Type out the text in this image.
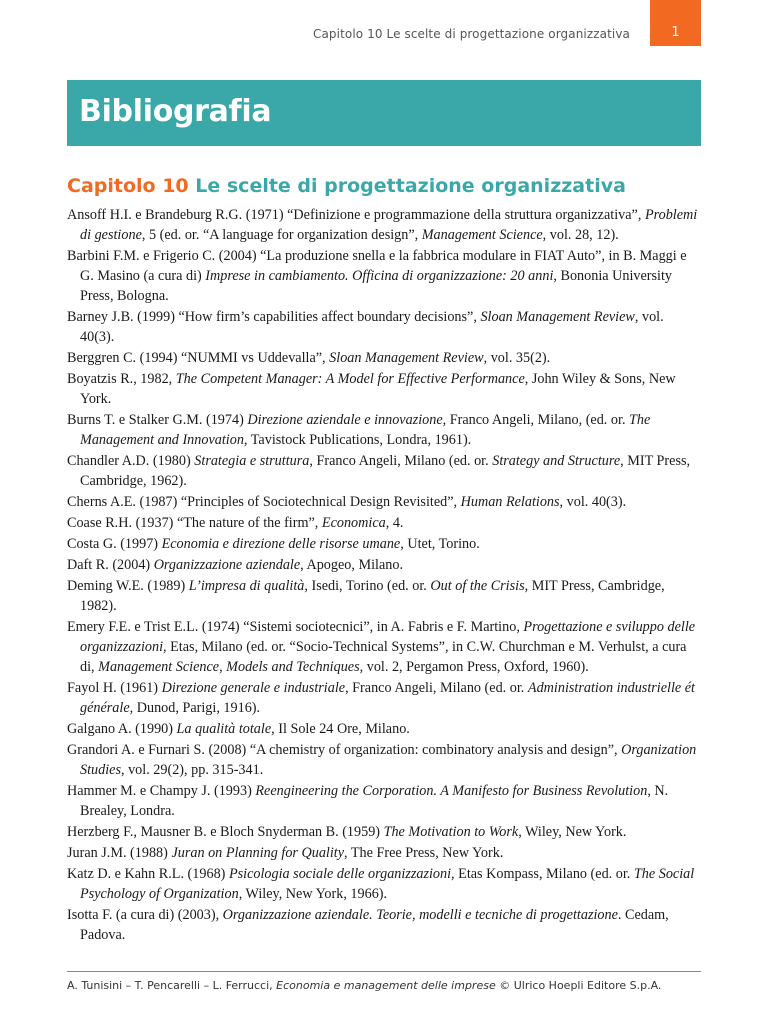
Capitolo 10 Le scelte di progettazione organizzativa	1
Bibliografia
Capitolo 10 Le scelte di progettazione organizzativa
Ansoff H.I. e Brandeburg R.G. (1971) “Definizione e programmazione della struttura organizzativa”, Problemi di gestione, 5 (ed. or. “A language for organization design”, Management Science, vol. 28, 12).
Barbini F.M. e Frigerio C. (2004) “La produzione snella e la fabbrica modulare in FIAT Auto”, in B. Maggi e G. Masino (a cura di) Imprese in cambiamento. Officina di organizzazione: 20 anni, Bononia University Press, Bologna.
Barney J.B. (1999) “How firm’s capabilities affect boundary decisions”, Sloan Management Review, vol. 40(3).
Berggren C. (1994) “NUMMI vs Uddevalla”, Sloan Management Review, vol. 35(2).
Boyatzis R., 1982, The Competent Manager: A Model for Effective Performance, John Wiley & Sons, New York.
Burns T. e Stalker G.M. (1974) Direzione aziendale e innovazione, Franco Angeli, Milano, (ed. or. The Management and Innovation, Tavistock Publications, Londra, 1961).
Chandler A.D. (1980) Strategia e struttura, Franco Angeli, Milano (ed. or. Strategy and Structure, MIT Press, Cambridge, 1962).
Cherns A.E. (1987) “Principles of Sociotechnical Design Revisited”, Human Relations, vol. 40(3).
Coase R.H. (1937) “The nature of the firm”, Economica, 4.
Costa G. (1997) Economia e direzione delle risorse umane, Utet, Torino.
Daft R. (2004) Organizzazione aziendale, Apogeo, Milano.
Deming W.E. (1989) L’impresa di qualità, Isedi, Torino (ed. or. Out of the Crisis, MIT Press, Cambridge, 1982).
Emery F.E. e Trist E.L. (1974) “Sistemi sociotecnici”, in A. Fabris e F. Martino, Progettazione e sviluppo delle organizzazioni, Etas, Milano (ed. or. “Socio-Technical Systems”, in C.W. Churchman e M. Verhulst, a cura di, Management Science, Models and Techniques, vol. 2, Pergamon Press, Oxford, 1960).
Fayol H. (1961) Direzione generale e industriale, Franco Angeli, Milano (ed. or. Administration industrielle ét générale, Dunod, Parigi, 1916).
Galgano A. (1990) La qualità totale, Il Sole 24 Ore, Milano.
Grandori A. e Furnari S. (2008) “A chemistry of organization: combinatory analysis and design”, Organization Studies, vol. 29(2), pp. 315-341.
Hammer M. e Champy J. (1993) Reengineering the Corporation. A Manifesto for Business Revolution, N. Brealey, Londra.
Herzberg F., Mausner B. e Bloch Snyderman B. (1959) The Motivation to Work, Wiley, New York.
Juran J.M. (1988) Juran on Planning for Quality, The Free Press, New York.
Katz D. e Kahn R.L. (1968) Psicologia sociale delle organizzazioni, Etas Kompass, Milano (ed. or. The Social Psychology of Organization, Wiley, New York, 1966).
Isotta F. (a cura di) (2003), Organizzazione aziendale. Teorie, modelli e tecniche di progettazione. Cedam, Padova.
A. Tunisini – T. Pencarelli – L. Ferrucci, Economia e management delle imprese © Ulrico Hoepli Editore S.p.A.
